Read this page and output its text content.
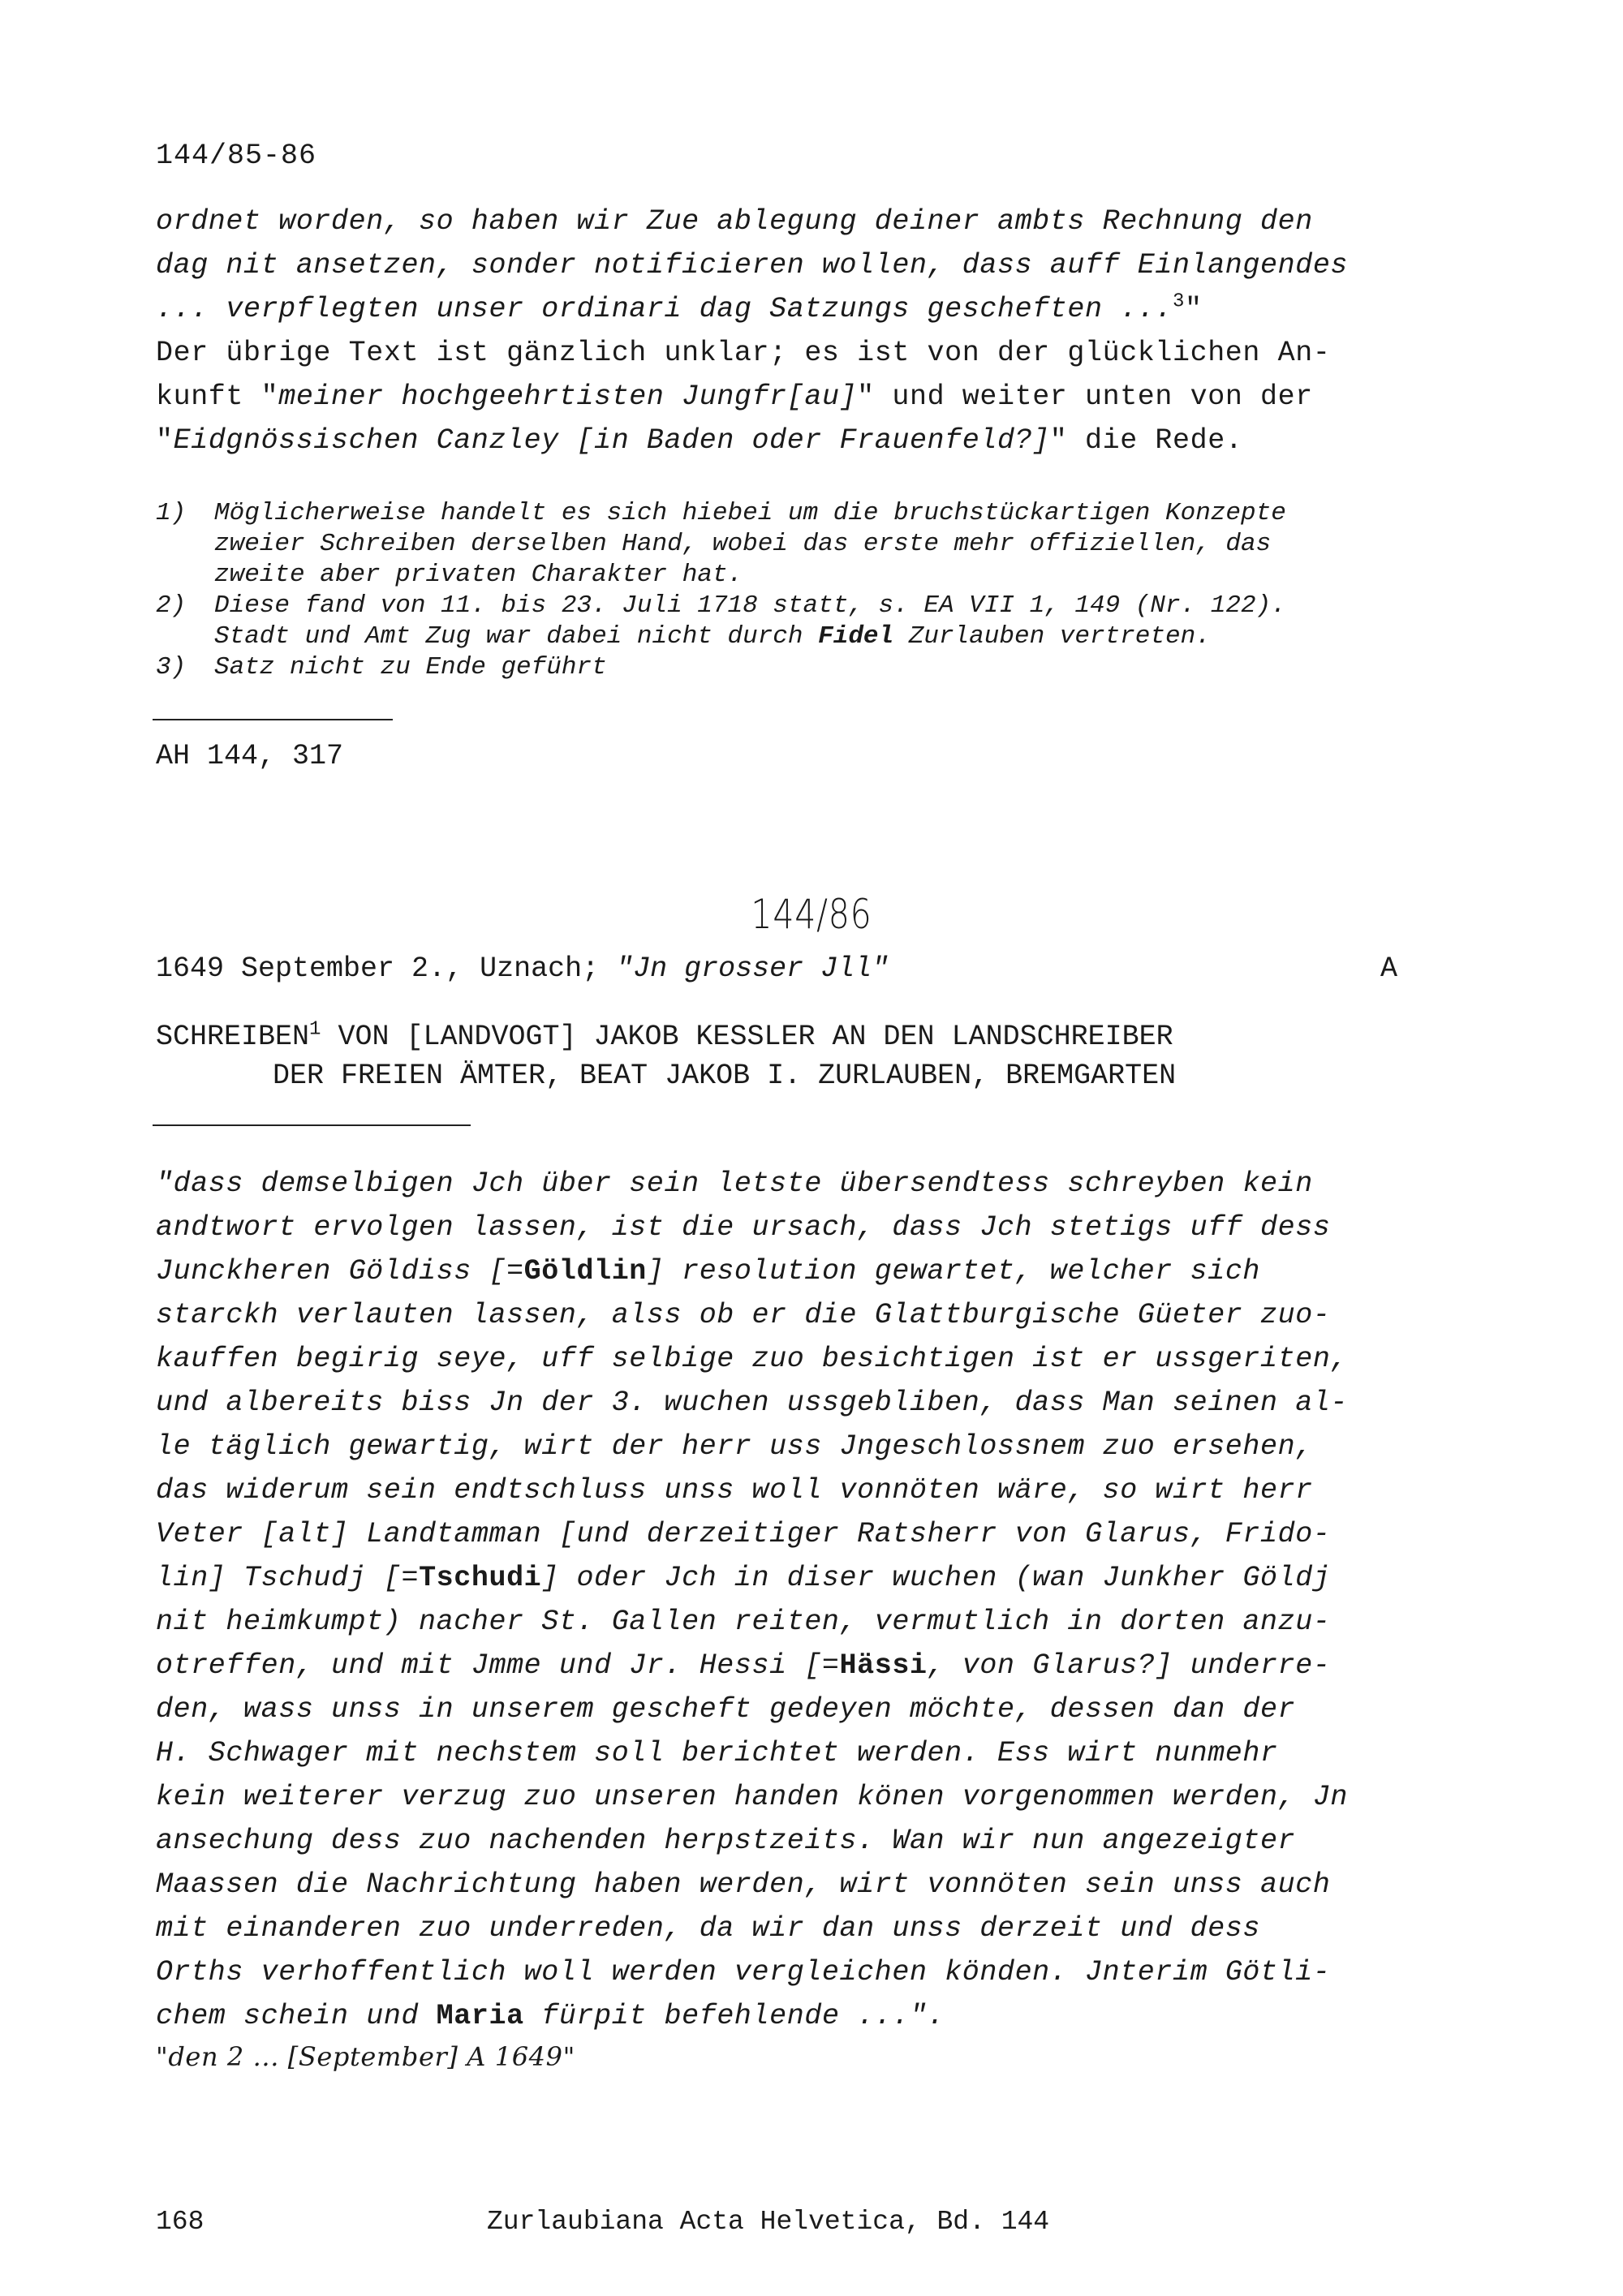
144/85-86
ordnet worden, so haben wir Zue ablegung deiner ambts Rechnung den
dag nit ansetzen, sonder notificieren wollen, dass auff Einlangendes
... verpflegten unser ordinari dag Satzungs gescheften ...$^3$"
Der übrige Text ist gänzlich unklar; es ist von der glücklichen An-
kunft "meiner hochgeehrtisten Jungfr[au]" und weiter unten von der
"Eidgnössischen Canzley [in Baden oder Frauenfeld?]" die Rede.
1) Möglicherweise handelt es sich hiebei um die bruchstückartigen Konzepte
zweier Schreiben derselben Hand, wobei das erste mehr offiziellen, das
zweite aber privaten Charakter hat.
2) Diese fand von 11. bis 23. Juli 1718 statt, s. EA VII 1, 149 (Nr. 122).
Stadt und Amt Zug war dabei nicht durch Fidel Zurlauben vertreten.
3) Satz nicht zu Ende geführt
AH 144, 317
144/86
1649 September 2., Uznach; "Jn grosser Jll"	A
SCHREIBEN$^1$ VON [LANDVOGT] JAKOB KESSLER AN DEN LANDSCHREIBER
DER FREIEN ÄMTER, BEAT JAKOB I. ZURLAUBEN, BREMGARTEN
"dass demselbigen Jch über sein letste übersendtess schreyben kein
andtwort ervolgen lassen, ist die ursach, dass Jch stetigs uff dess
Junckheren Göldiss [=Göldlin] resolution gewartet, welcher sich
starckh verlauten lassen, alss ob er die Glattburgische Güeter zuo-
kauffen begirig seye, uff selbige zuo besichtigen ist er ussgeriten,
und albereits biss Jn der 3. wuchen ussgebliben, dass Man seinen al-
le täglich gewartig, wirt der herr uss Jngeschlossnem zuo ersehen,
das widerum sein endtschluss unss woll vonnöten wäre, so wirt herr
Veter [alt] Landtamman [und derzeitiger Ratsherr von Glarus, Frido-
lin] Tschudj [=Tschudi] oder Jch in diser wuchen (wan Junkher Göldj
nit heimkumpt) nacher St. Gallen reiten, vermutlich in dorten anzu-
otreffen, und mit Jmme und Jr. Hessi [=Hässi, von Glarus?] underre-
den, wass unss in unserem gescheft gedeyen möchte, dessen dan der
H. Schwager mit nechstem soll berichtet werden. Ess wirt nunmehr
kein weiterer verzug zuo unseren handen könen vorgenommen werden, Jn
ansechung dess zuo nachenden herpstzeits. Wan wir nun angezeigter
Maassen die Nachrichtung haben werden, wirt vonnöten sein unss auch
mit einanderen zuo underreden, da wir dan unss derzeit und dess
Orths verhoffentlich woll werden vergleichen könden. Jnterim Götli-
chem schein und Maria fürpit befehlende ...".
"den 2 ... [September] A 1649"
168	Zurlaubiana Acta Helvetica, Bd. 144
